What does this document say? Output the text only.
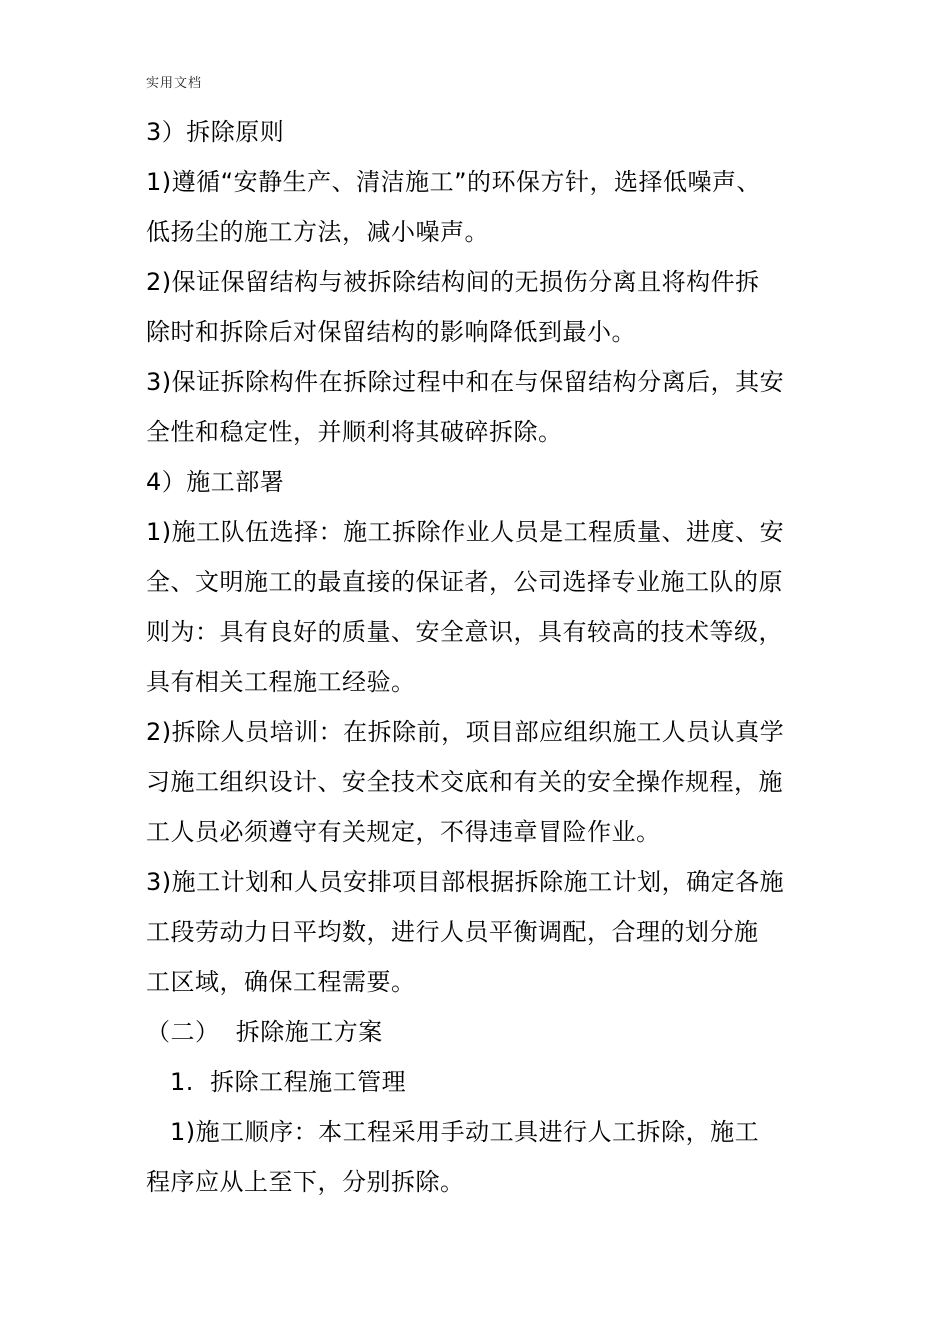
实用文档
3）拆除原则
1)遵循“安静生产、清洁施工”的环保方针，选择低噪声、
低扬尘的施工方法，减小噪声。
2)保证保留结构与被拆除结构间的无损伤分离且将构件拆
除时和拆除后对保留结构的影响降低到最小。
3)保证拆除构件在拆除过程中和在与保留结构分离后，其安
全性和稳定性，并顺利将其破碎拆除。
4）施工部署
1)施工队伍选择：施工拆除作业人员是工程质量、进度、安
全、文明施工的最直接的保证者，公司选择专业施工队的原
则为：具有良好的质量、安全意识，具有较高的技术等级，
具有相关工程施工经验。
2)拆除人员培训：在拆除前，项目部应组织施工人员认真学
习施工组织设计、安全技术交底和有关的安全操作规程，施
工人员必须遵守有关规定，不得违章冒险作业。
3)施工计划和人员安排项目部根据拆除施工计划，确定各施
工段劳动力日平均数，进行人员平衡调配，合理的划分施
工区域，确保工程需要。
（二）  拆除施工方案
1.  拆除工程施工管理
1)施工顺序：本工程采用手动工具进行人工拆除，施工
程序应从上至下，分别拆除。
